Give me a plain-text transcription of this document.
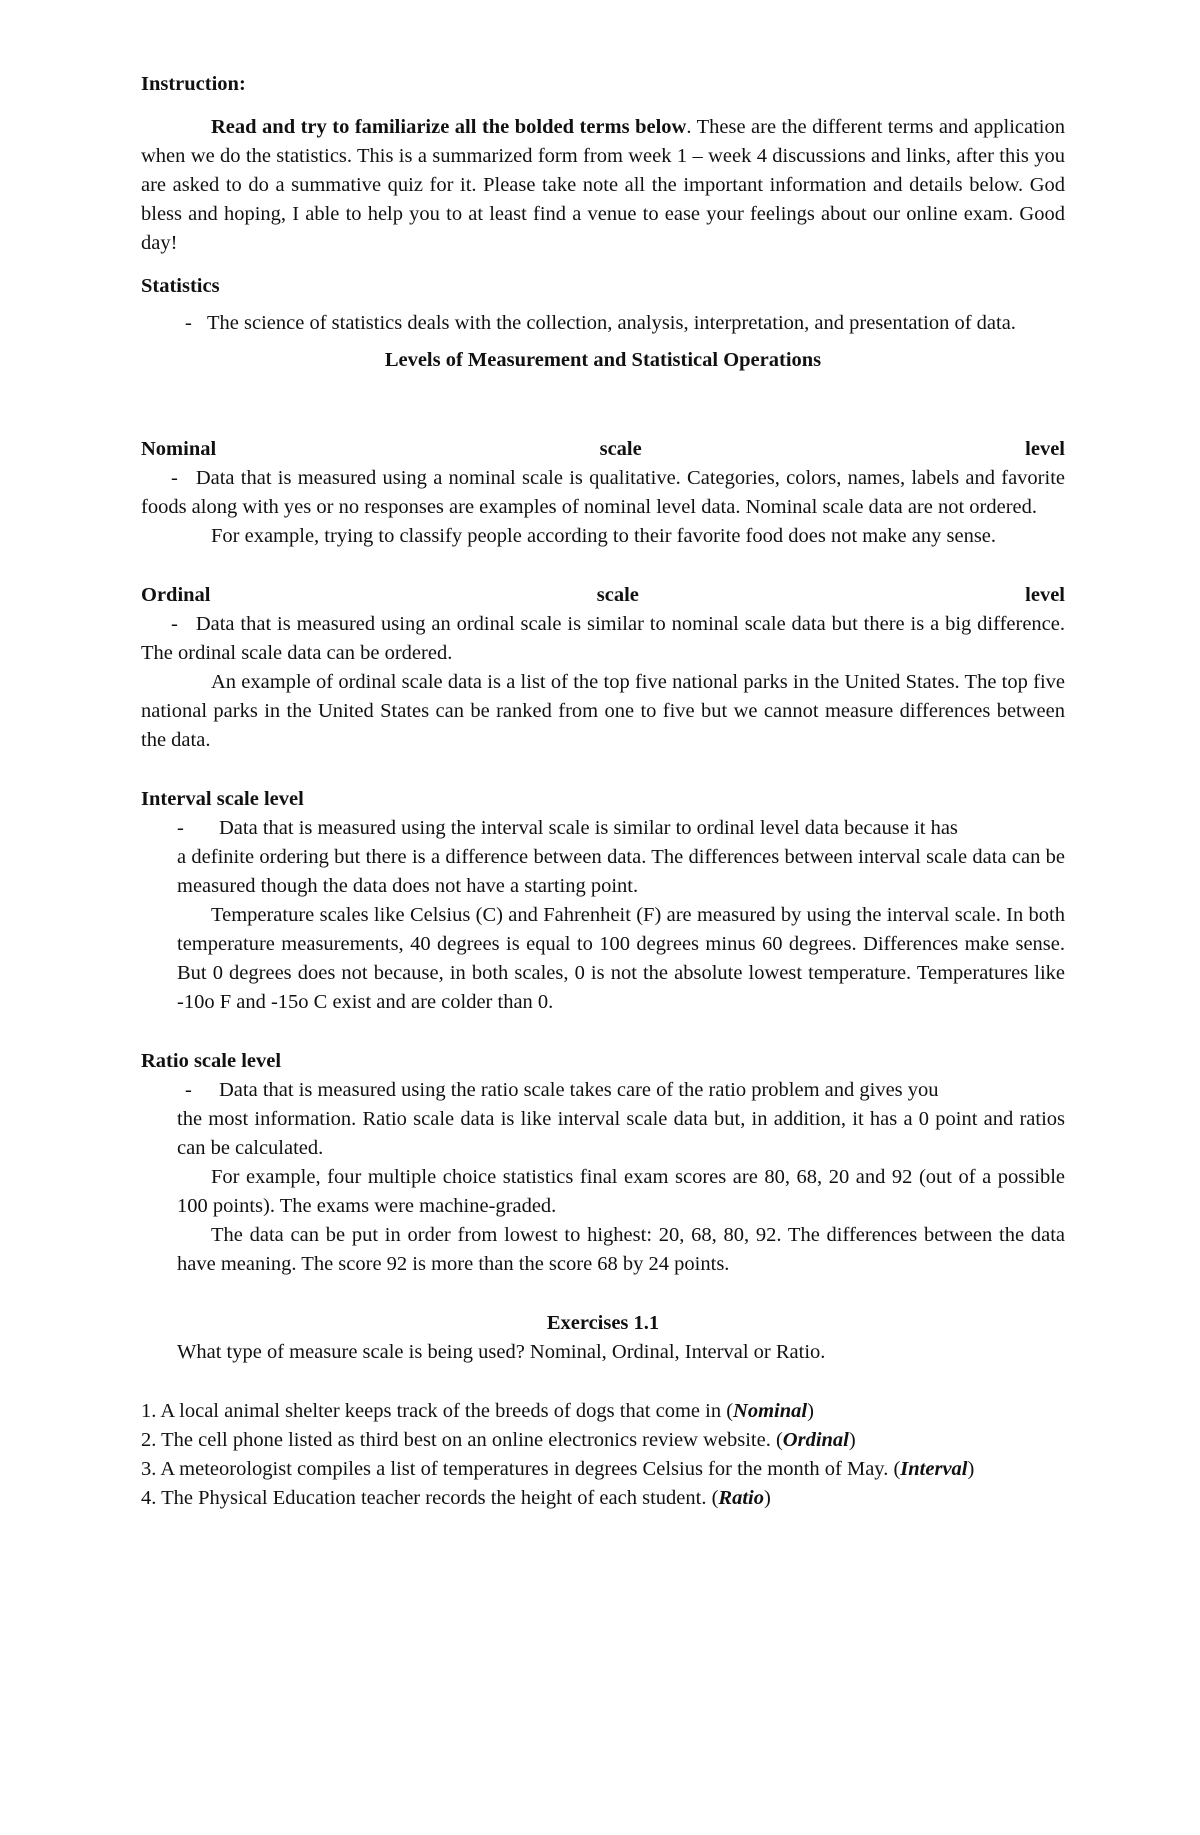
Instruction:

Read and try to familiarize all the bolded terms below. These are the different terms and application when we do the statistics. This is a summarized form from week 1 – week 4 discussions and links, after this you are asked to do a summative quiz for it. Please take note all the important information and details below. God bless and hoping, I able to help you to at least find a venue to ease your feelings about our online exam. Good day!

Statistics

- The science of statistics deals with the collection, analysis, interpretation, and presentation of data.

Levels of Measurement and Statistical Operations

Nominal	scale	level

- Data that is measured using a nominal scale is qualitative. Categories, colors, names, labels and favorite foods along with yes or no responses are examples of nominal level data. Nominal scale data are not ordered.

For example, trying to classify people according to their favorite food does not make any sense.

Ordinal	scale	level

- Data that is measured using an ordinal scale is similar to nominal scale data but there is a big difference. The ordinal scale data can be ordered.

An example of ordinal scale data is a list of the top five national parks in the United States. The top five national parks in the United States can be ranked from one to five but we cannot measure differences between the data.

Interval scale level

-	Data that is measured using the interval scale is similar to ordinal level data because it has

a definite ordering but there is a difference between data. The differences between interval scale data can be measured though the data does not have a starting point.

Temperature scales like Celsius (C) and Fahrenheit (F) are measured by using the interval scale. In both temperature measurements, 40 degrees is equal to 100 degrees minus 60 degrees. Differences make sense. But 0 degrees does not because, in both scales, 0 is not the absolute lowest temperature. Temperatures like -10o F and -15o C exist and are colder than 0.

Ratio scale level

-	Data that is measured using the ratio scale takes care of the ratio problem and gives you

the most information. Ratio scale data is like interval scale data but, in addition, it has a 0 point and ratios can be calculated.

For example, four multiple choice statistics final exam scores are 80, 68, 20 and 92 (out of a possible 100 points). The exams were machine-graded.

The data can be put in order from lowest to highest: 20, 68, 80, 92. The differences between the data have meaning. The score 92 is more than the score 68 by 24 points.

Exercises 1.1

What type of measure scale is being used? Nominal, Ordinal, Interval or Ratio.

1. A local animal shelter keeps track of the breeds of dogs that come in (Nominal)

2. The cell phone listed as third best on an online electronics review website. (Ordinal)

3. A meteorologist compiles a list of temperatures in degrees Celsius for the month of May. (Interval)

4. The Physical Education teacher records the height of each student. (Ratio)
